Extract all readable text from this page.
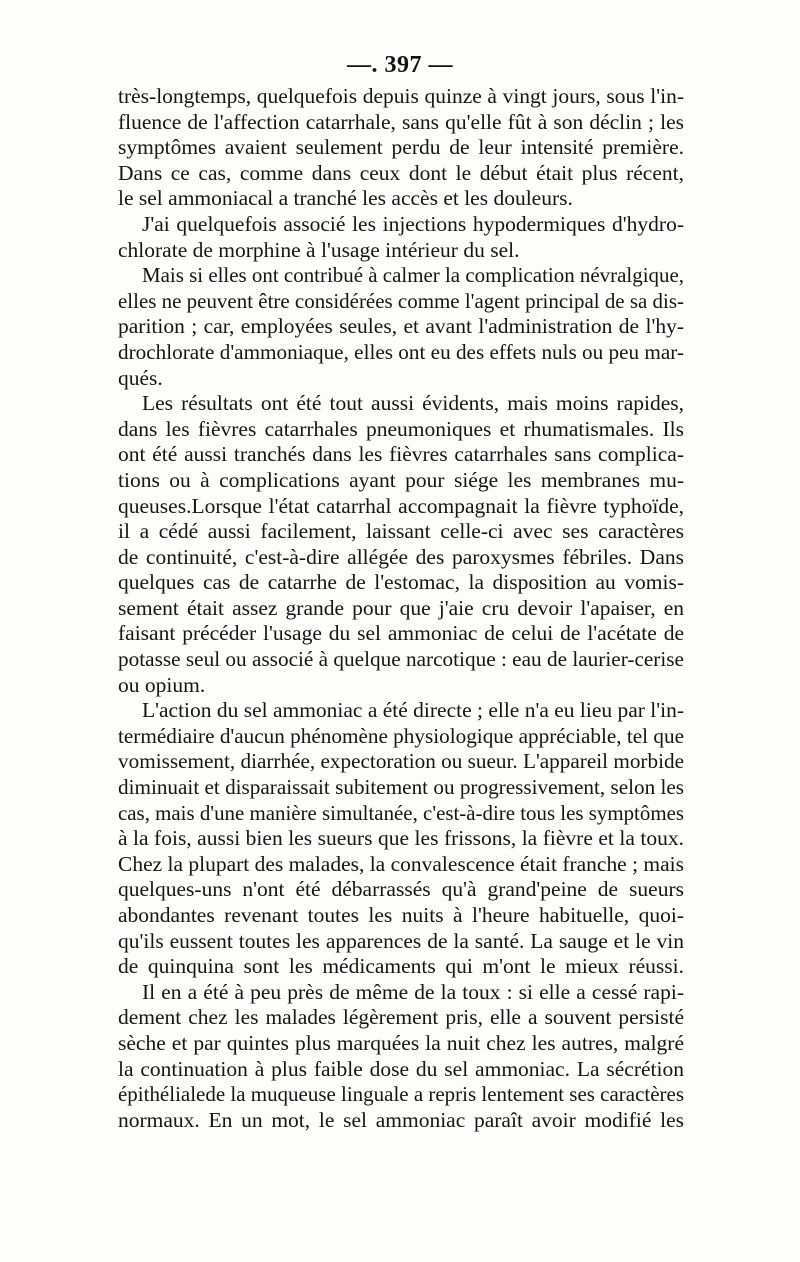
—. 397 —
très-longtemps, quelquefois depuis quinze à vingt jours, sous l'in-
fluence de l'affection catarrhale, sans qu'elle fût à son déclin ; les
symptômes avaient seulement perdu de leur intensité première.
Dans ce cas, comme dans ceux dont le début était plus récent,
le sel ammoniacal a tranché les accès et les douleurs.
J'ai quelquefois associé les injections hypodermiques d'hydro-
chlorate de morphine à l'usage intérieur du sel.
Mais si elles ont contribué à calmer la complication névralgique,
elles ne peuvent être considérées comme l'agent principal de sa dis-
parition ; car, employées seules, et avant l'administration de l'hy-
drochlorate d'ammoniaque, elles ont eu des effets nuls ou peu mar-
qués.
Les résultats ont été tout aussi évidents, mais moins rapides,
dans les fièvres catarrhales pneumoniques et rhumatismales. Ils
ont été aussi tranchés dans les fièvres catarrhales sans complica-
tions ou à complications ayant pour siége les membranes mu-
queuses.Lorsque l'état catarrhal accompagnait la fièvre typhoïde,
il a cédé aussi facilement, laissant celle-ci avec ses caractères
de continuité, c'est-à-dire allégée des paroxysmes fébriles. Dans
quelques cas de catarrhe de l'estomac, la disposition au vomis-
sement était assez grande pour que j'aie cru devoir l'apaiser, en
faisant précéder l'usage du sel ammoniac de celui de l'acétate de
potasse seul ou associé à quelque narcotique : eau de laurier-cerise
ou opium.
L'action du sel ammoniac a été directe ; elle n'a eu lieu par l'in-
termédiaire d'aucun phénomène physiologique appréciable, tel que
vomissement, diarrhée, expectoration ou sueur. L'appareil morbide
diminuait et disparaissait subitement ou progressivement, selon les
cas, mais d'une manière simultanée, c'est-à-dire tous les symptômes
à la fois, aussi bien les sueurs que les frissons, la fièvre et la toux.
Chez la plupart des malades, la convalescence était franche ; mais
quelques-uns n'ont été débarrassés qu'à grand'peine de sueurs
abondantes revenant toutes les nuits à l'heure habituelle, quoi-
qu'ils eussent toutes les apparences de la santé. La sauge et le vin
de quinquina sont les médicaments qui m'ont le mieux réussi.
Il en a été à peu près de même de la toux : si elle a cessé rapi-
dement chez les malades légèrement pris, elle a souvent persisté
sèche et par quintes plus marquées la nuit chez les autres, malgré
la continuation à plus faible dose du sel ammoniac. La sécrétion
épithélialede la muqueuse linguale a repris lentement ses caractères
normaux. En un mot, le sel ammoniac paraît avoir modifié les
